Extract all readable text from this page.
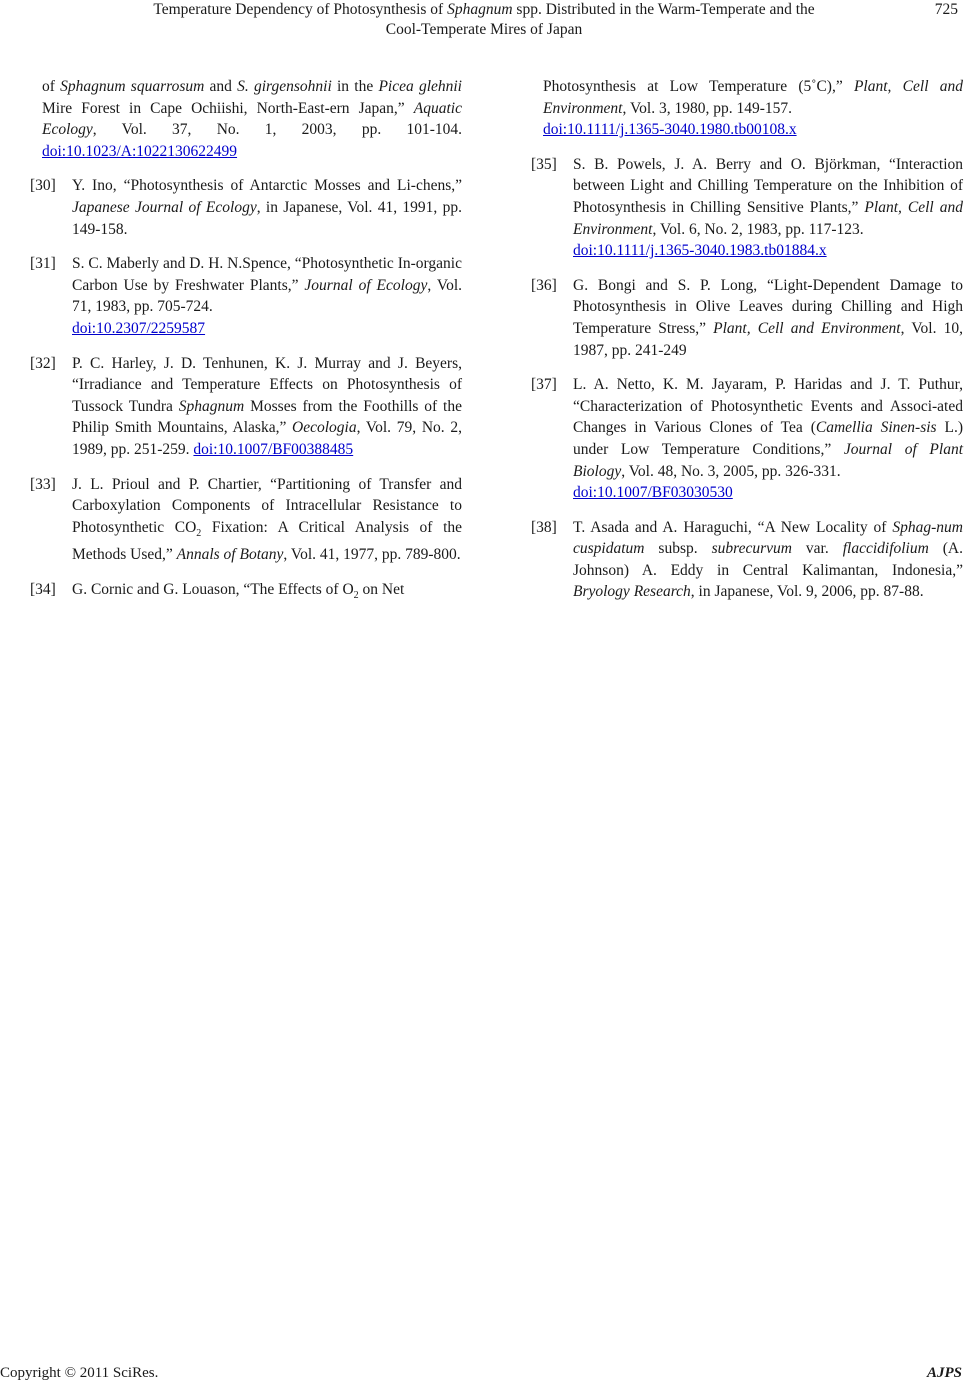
Temperature Dependency of Photosynthesis of Sphagnum spp. Distributed in the Warm-Temperate and the
Cool-Temperate Mires of Japan
725
of Sphagnum squarrosum and S. girgensohnii in the Picea glehnii Mire Forest in Cape Ochiishi, North-East-ern Japan,” Aquatic Ecology, Vol. 37, No. 1, 2003, pp. 101-104. doi:10.1023/A:1022130622499
[30] Y. Ino, “Photosynthesis of Antarctic Mosses and Li-chens,” Japanese Journal of Ecology, in Japanese, Vol. 41, 1991, pp. 149-158.
[31] S. C. Maberly and D. H. N.Spence, “Photosynthetic In-organic Carbon Use by Freshwater Plants,” Journal of Ecology, Vol. 71, 1983, pp. 705-724.
doi:10.2307/2259587
[32] P. C. Harley, J. D. Tenhunen, K. J. Murray and J. Beyers, “Irradiance and Temperature Effects on Photosynthesis of Tussock Tundra Sphagnum Mosses from the Foothills of the Philip Smith Mountains, Alaska,” Oecologia, Vol. 79, No. 2, 1989, pp. 251-259. doi:10.1007/BF00388485
[33] J. L. Prioul and P. Chartier, “Partitioning of Transfer and Carboxylation Components of Intracellular Resistance to Photosynthetic $CO_2$ Fixation: A Critical Analysis of the Methods Used,” Annals of Botany, Vol. 41, 1977, pp. 789-800.
[34] G. Cornic and G. Louason, “The Effects of $O_2$ on Net
Photosynthesis at Low Temperature (5˚C),” Plant, Cell and Environment, Vol. 3, 1980, pp. 149-157.
doi:10.1111/j.1365-3040.1980.tb00108.x
[35] S. B. Powels, J. A. Berry and O. Björkman, “Interaction between Light and Chilling Temperature on the Inhibition of Photosynthesis in Chilling Sensitive Plants,” Plant, Cell and Environment, Vol. 6, No. 2, 1983, pp. 117-123.
doi:10.1111/j.1365-3040.1983.tb01884.x
[36] G. Bongi and S. P. Long, “Light-Dependent Damage to Photosynthesis in Olive Leaves during Chilling and High Temperature Stress,” Plant, Cell and Environment, Vol. 10, 1987, pp. 241-249
[37] L. A. Netto, K. M. Jayaram, P. Haridas and J. T. Puthur, “Characterization of Photosynthetic Events and Associ-ated Changes in Various Clones of Tea (Camellia Sinen-sis L.) under Low Temperature Conditions,” Journal of Plant Biology, Vol. 48, No. 3, 2005, pp. 326-331.
doi:10.1007/BF03030530
[38] T. Asada and A. Haraguchi, “A New Locality of Sphag-num cuspidatum subsp. subrecurvum var. flaccidifolium (A. Johnson) A. Eddy in Central Kalimantan, Indonesia,” Bryology Research, in Japanese, Vol. 9, 2006, pp. 87-88.
Copyright © 2011 SciRes.	AJPS
